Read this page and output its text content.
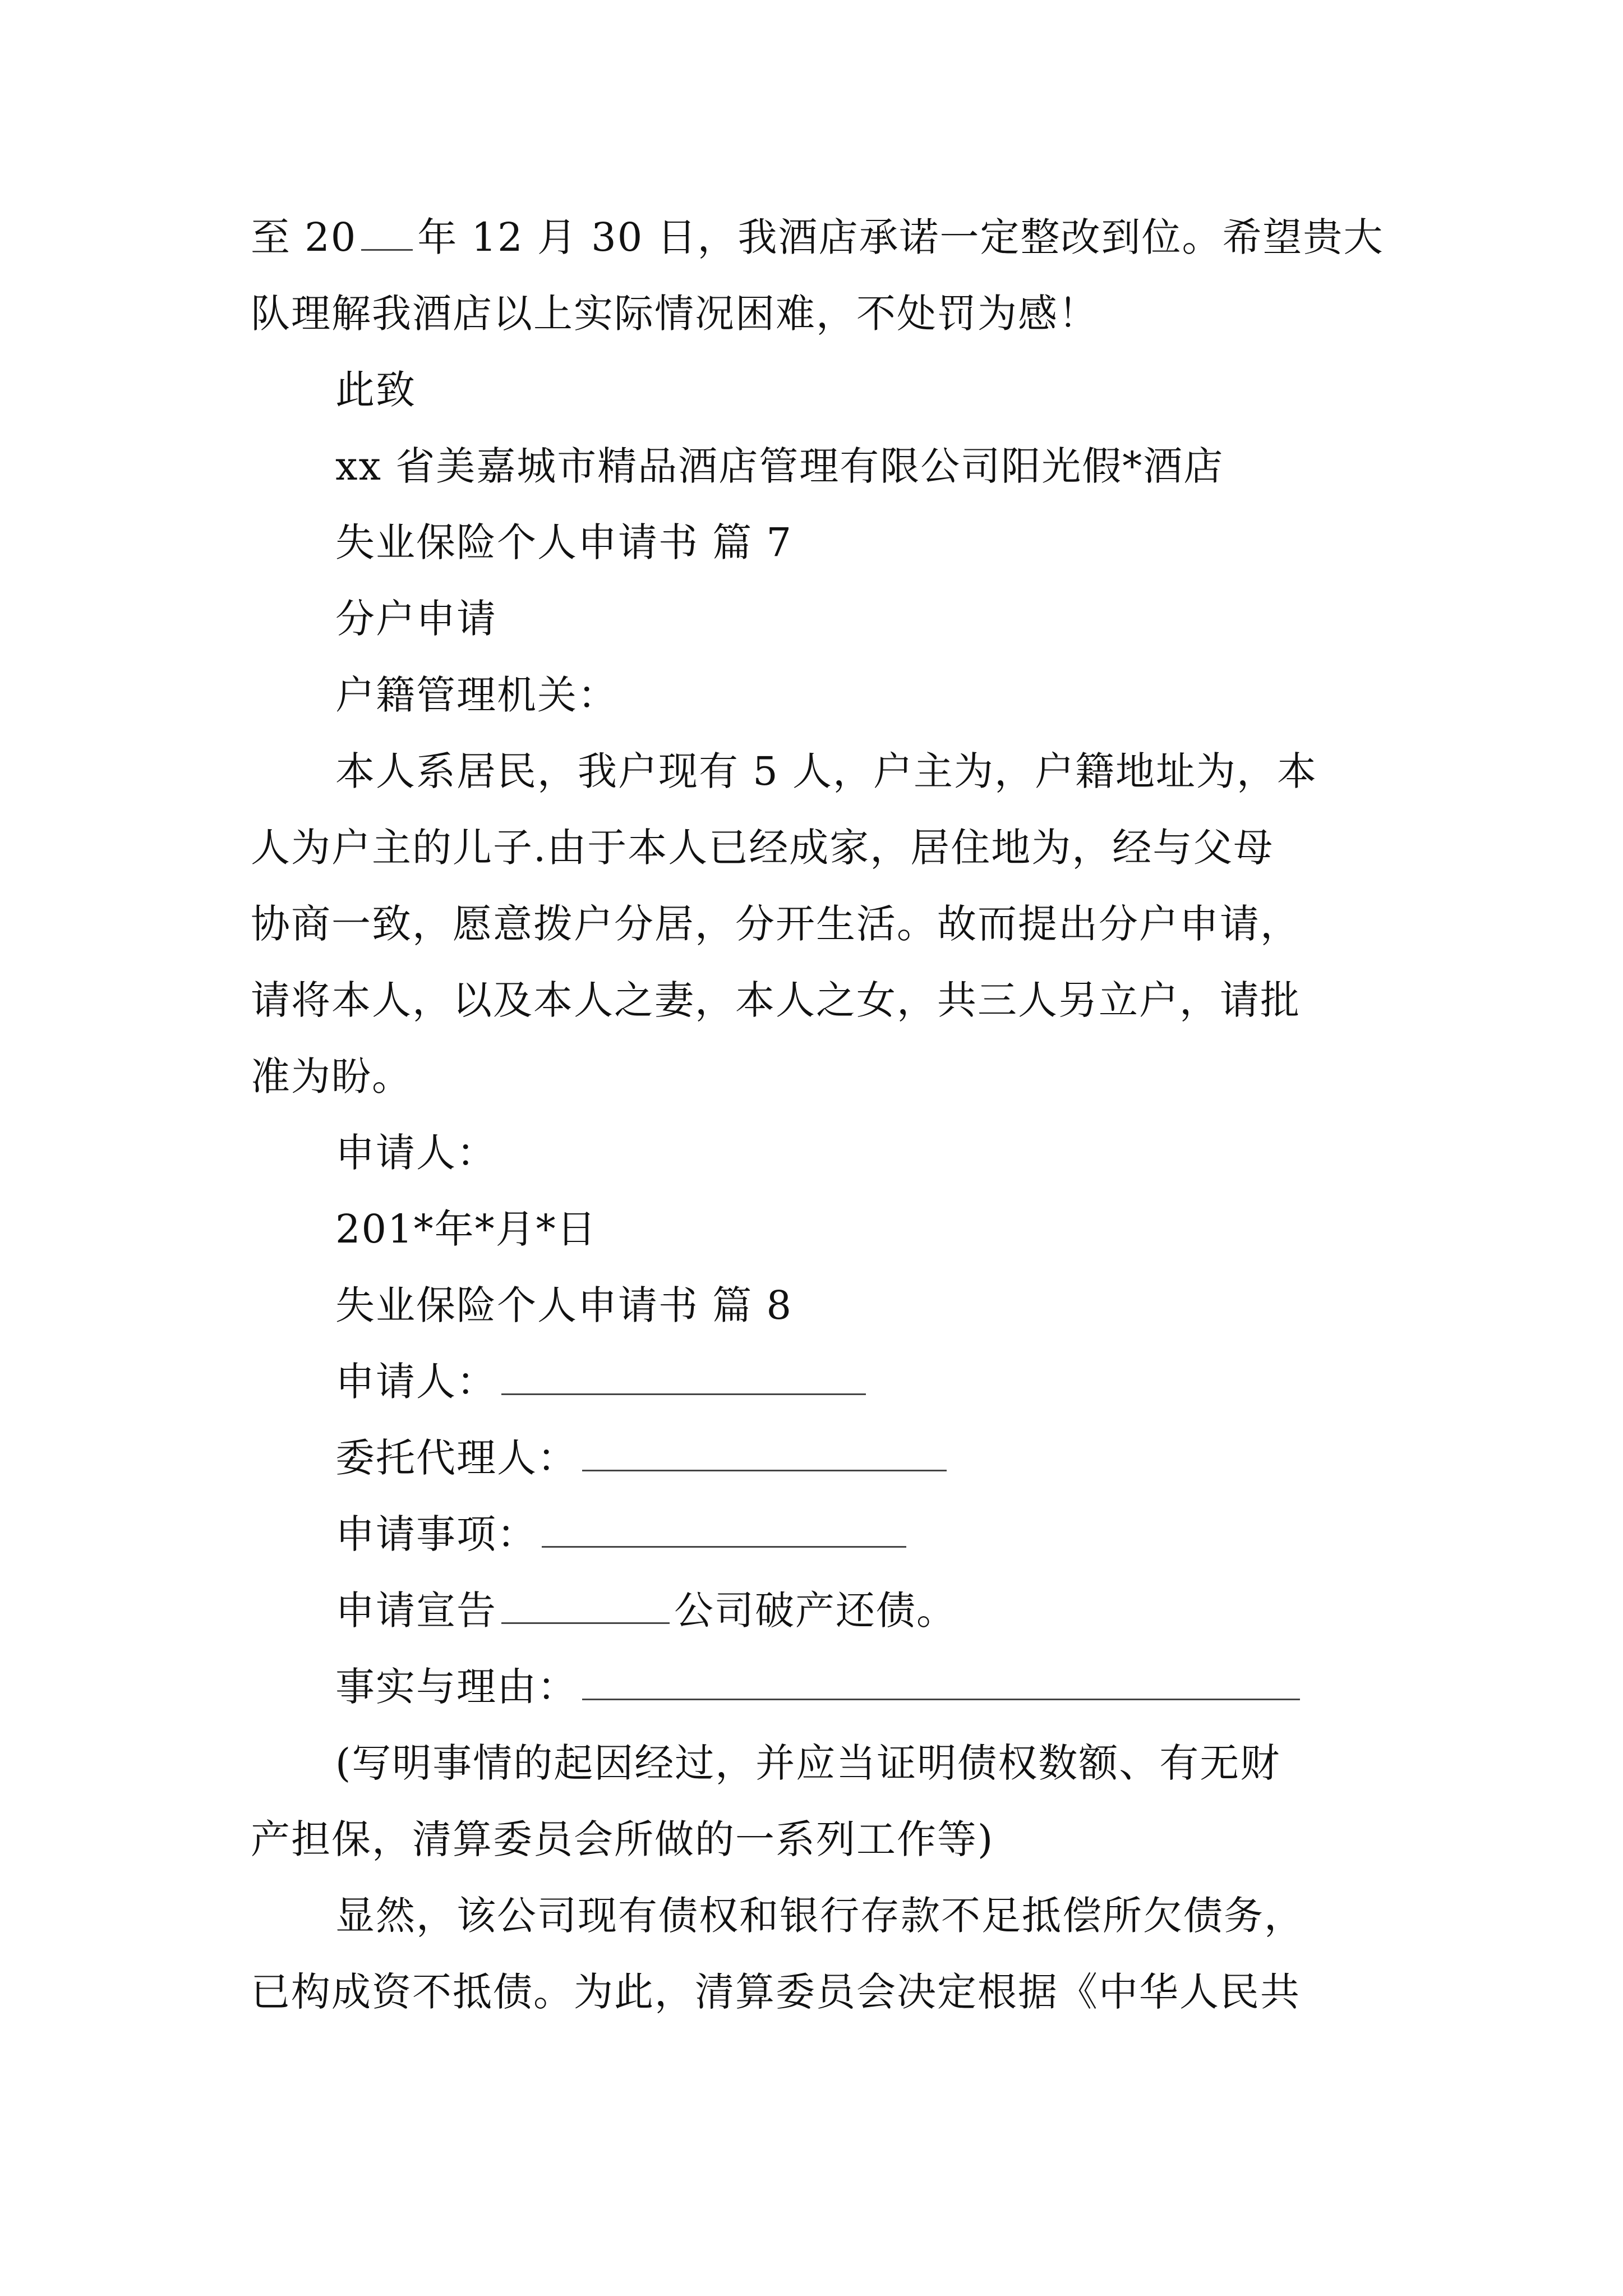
至 20 年 12 月 30 日，我酒店承诺一定整改到位。希望贵大
队理解我酒店以上实际情况困难，不处罚为感！
此致
xx 省美嘉城市精品酒店管理有限公司阳光假*酒店
失业保险个人申请书 篇 7
分户申请
户籍管理机关：
本人系居民，我户现有 5 人，户主为，户籍地址为，本
人为户主的儿子.由于本人已经成家，居住地为，经与父母
协商一致，愿意拨户分居，分开生活。故而提出分户申请，
请将本人，以及本人之妻，本人之女，共三人另立户，请批
准为盼。
申请人：
201*年*月*日
失业保险个人申请书 篇 8
申请人：
委托代理人：
申请事项：
申请宣告	公司破产还债。
事实与理由：
(写明事情的起因经过，并应当证明债权数额、有无财
产担保，清算委员会所做的一系列工作等)
显然，该公司现有债权和银行存款不足抵偿所欠债务，
已构成资不抵债。为此，清算委员会决定根据《中华人民共
